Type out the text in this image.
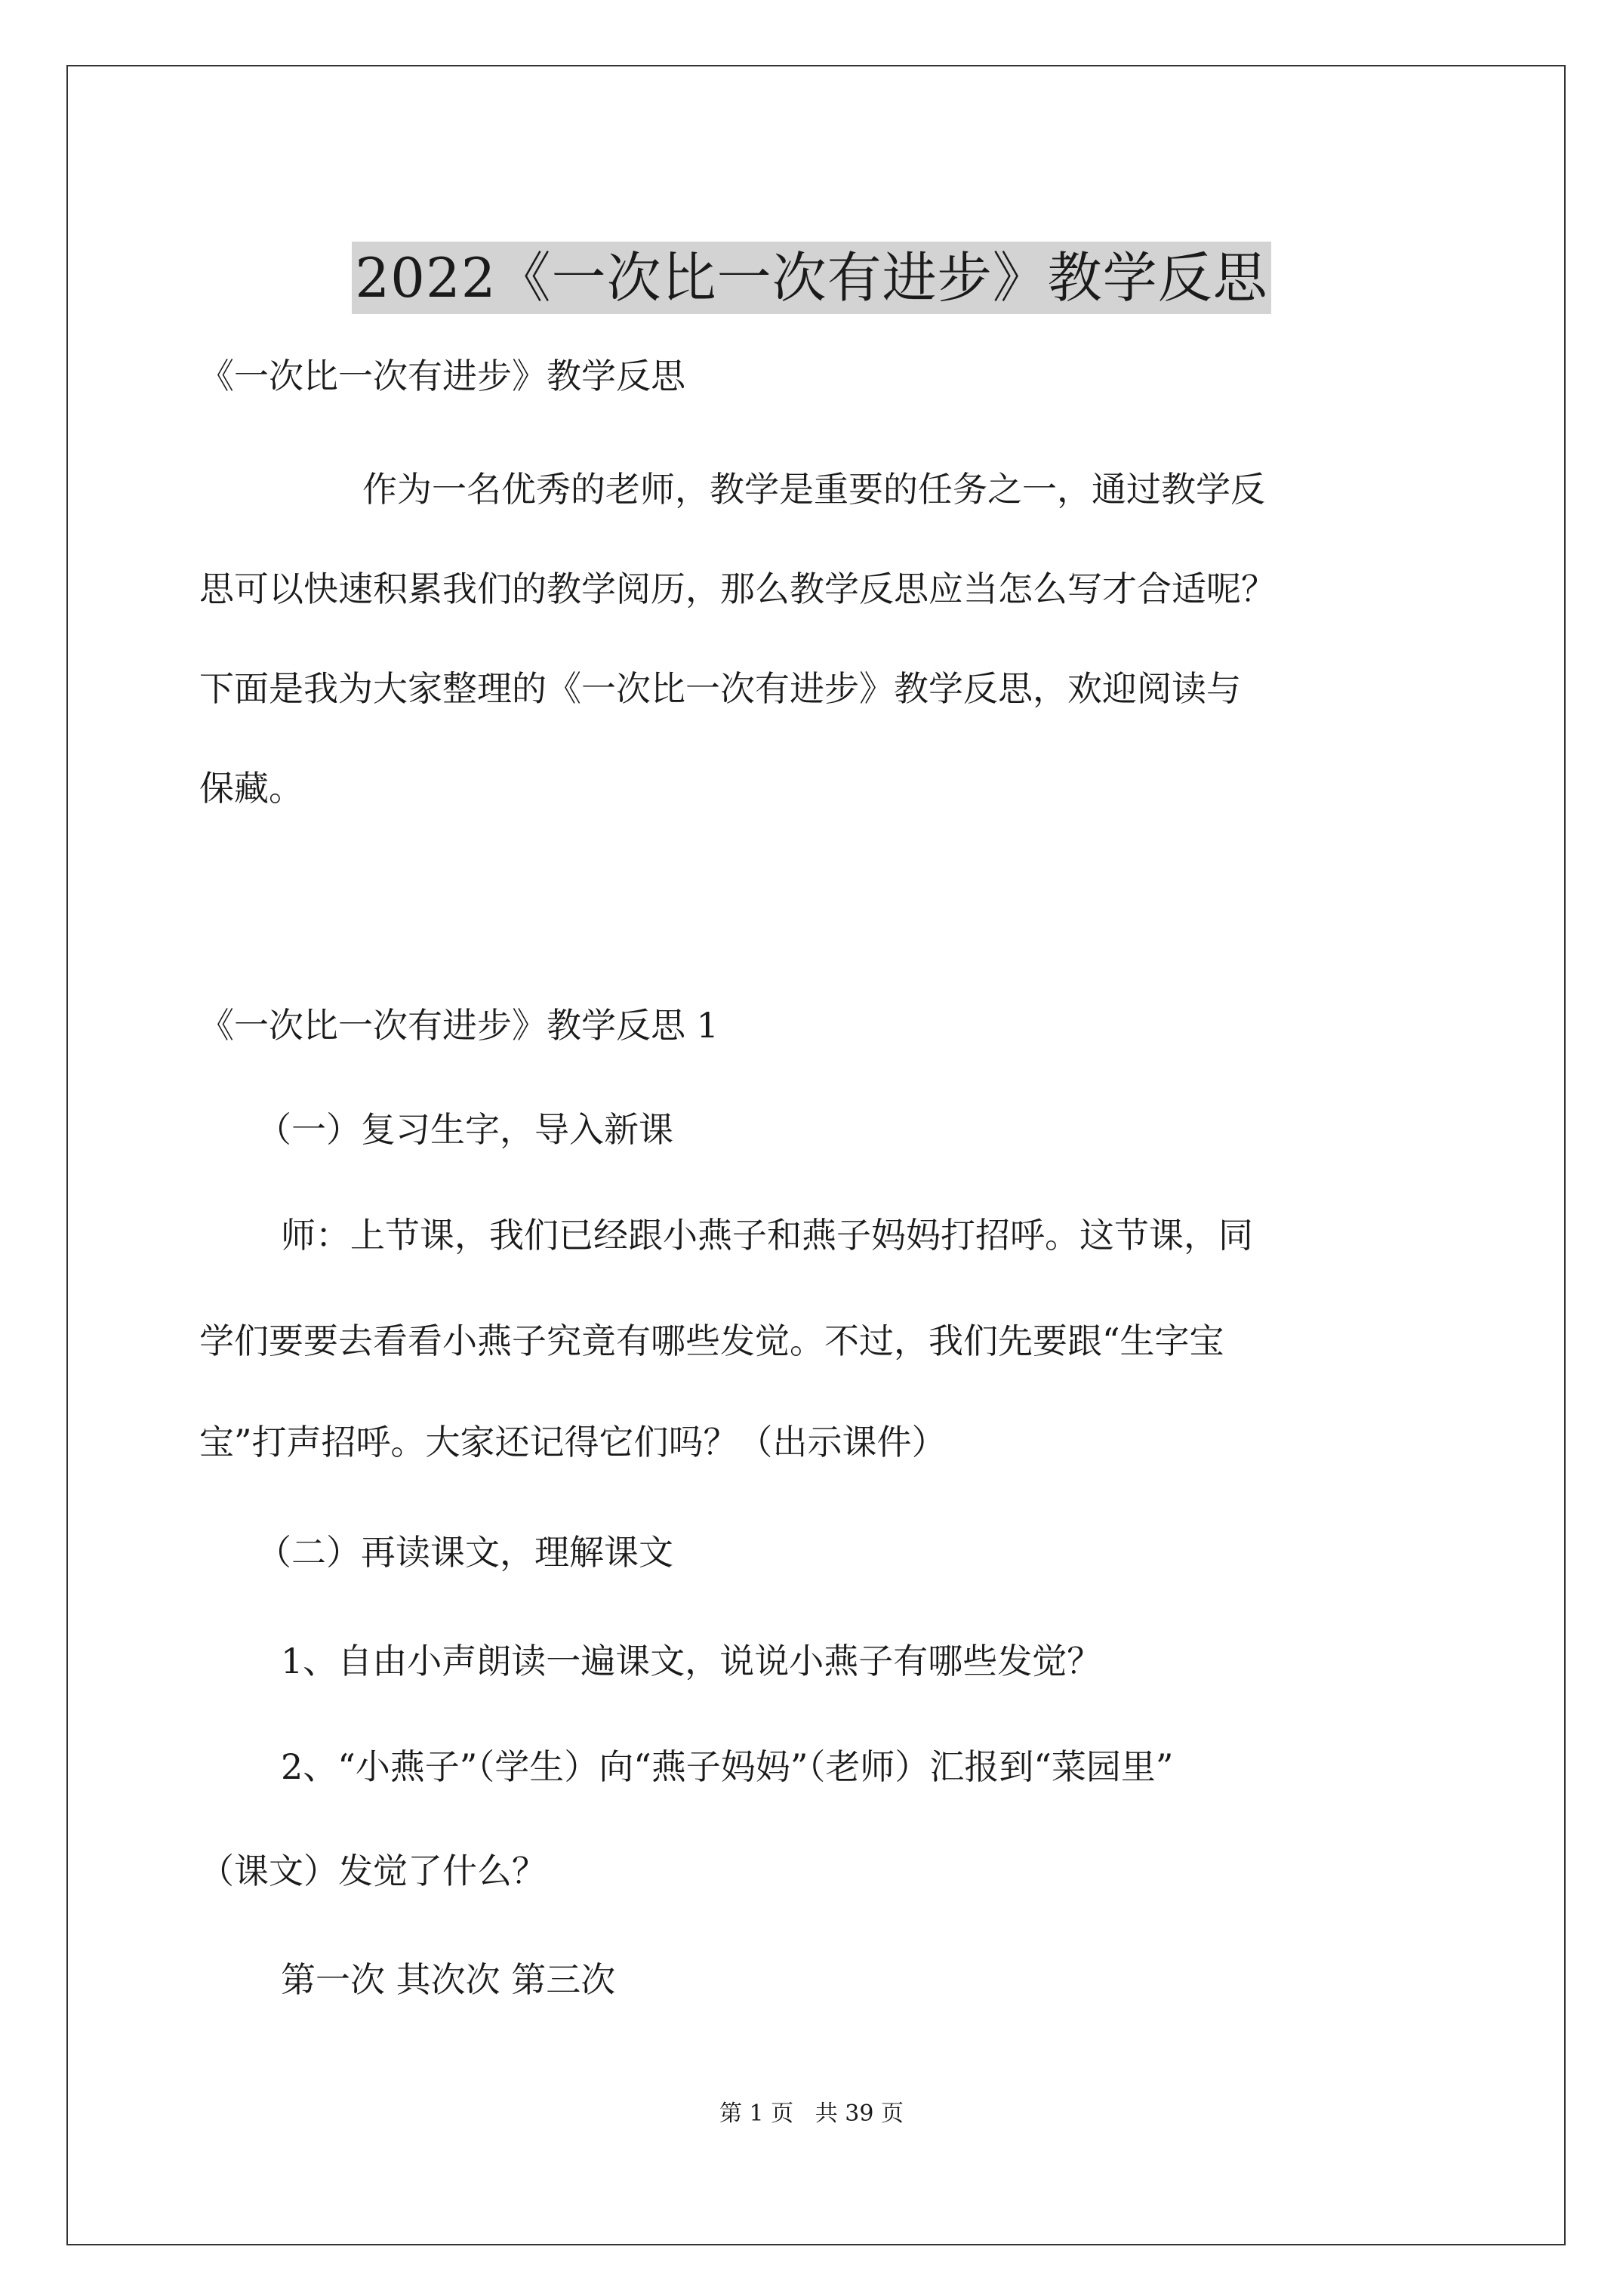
2022《一次比一次有进步》教学反思
《一次比一次有进步》教学反思
作为一名优秀的老师，教学是重要的任务之一，通过教学反
思可以快速积累我们的教学阅历，那么教学反思应当怎么写才合适呢？
下面是我为大家整理的《一次比一次有进步》教学反思，欢迎阅读与
保藏。
《一次比一次有进步》教学反思 1
（一）复习生字，导入新课
师：上节课，我们已经跟小燕子和燕子妈妈打招呼。这节课，同
学们要要去看看小燕子究竟有哪些发觉。不过，我们先要跟“生字宝
宝”打声招呼。大家还记得它们吗？（出示课件）
（二）再读课文，理解课文
1、自由小声朗读一遍课文，说说小燕子有哪些发觉？
2、“小燕子”（学生）向“燕子妈妈”（老师）汇报到“菜园里”
（课文）发觉了什么？
第一次 其次次 第三次
第 1 页   共 39 页
